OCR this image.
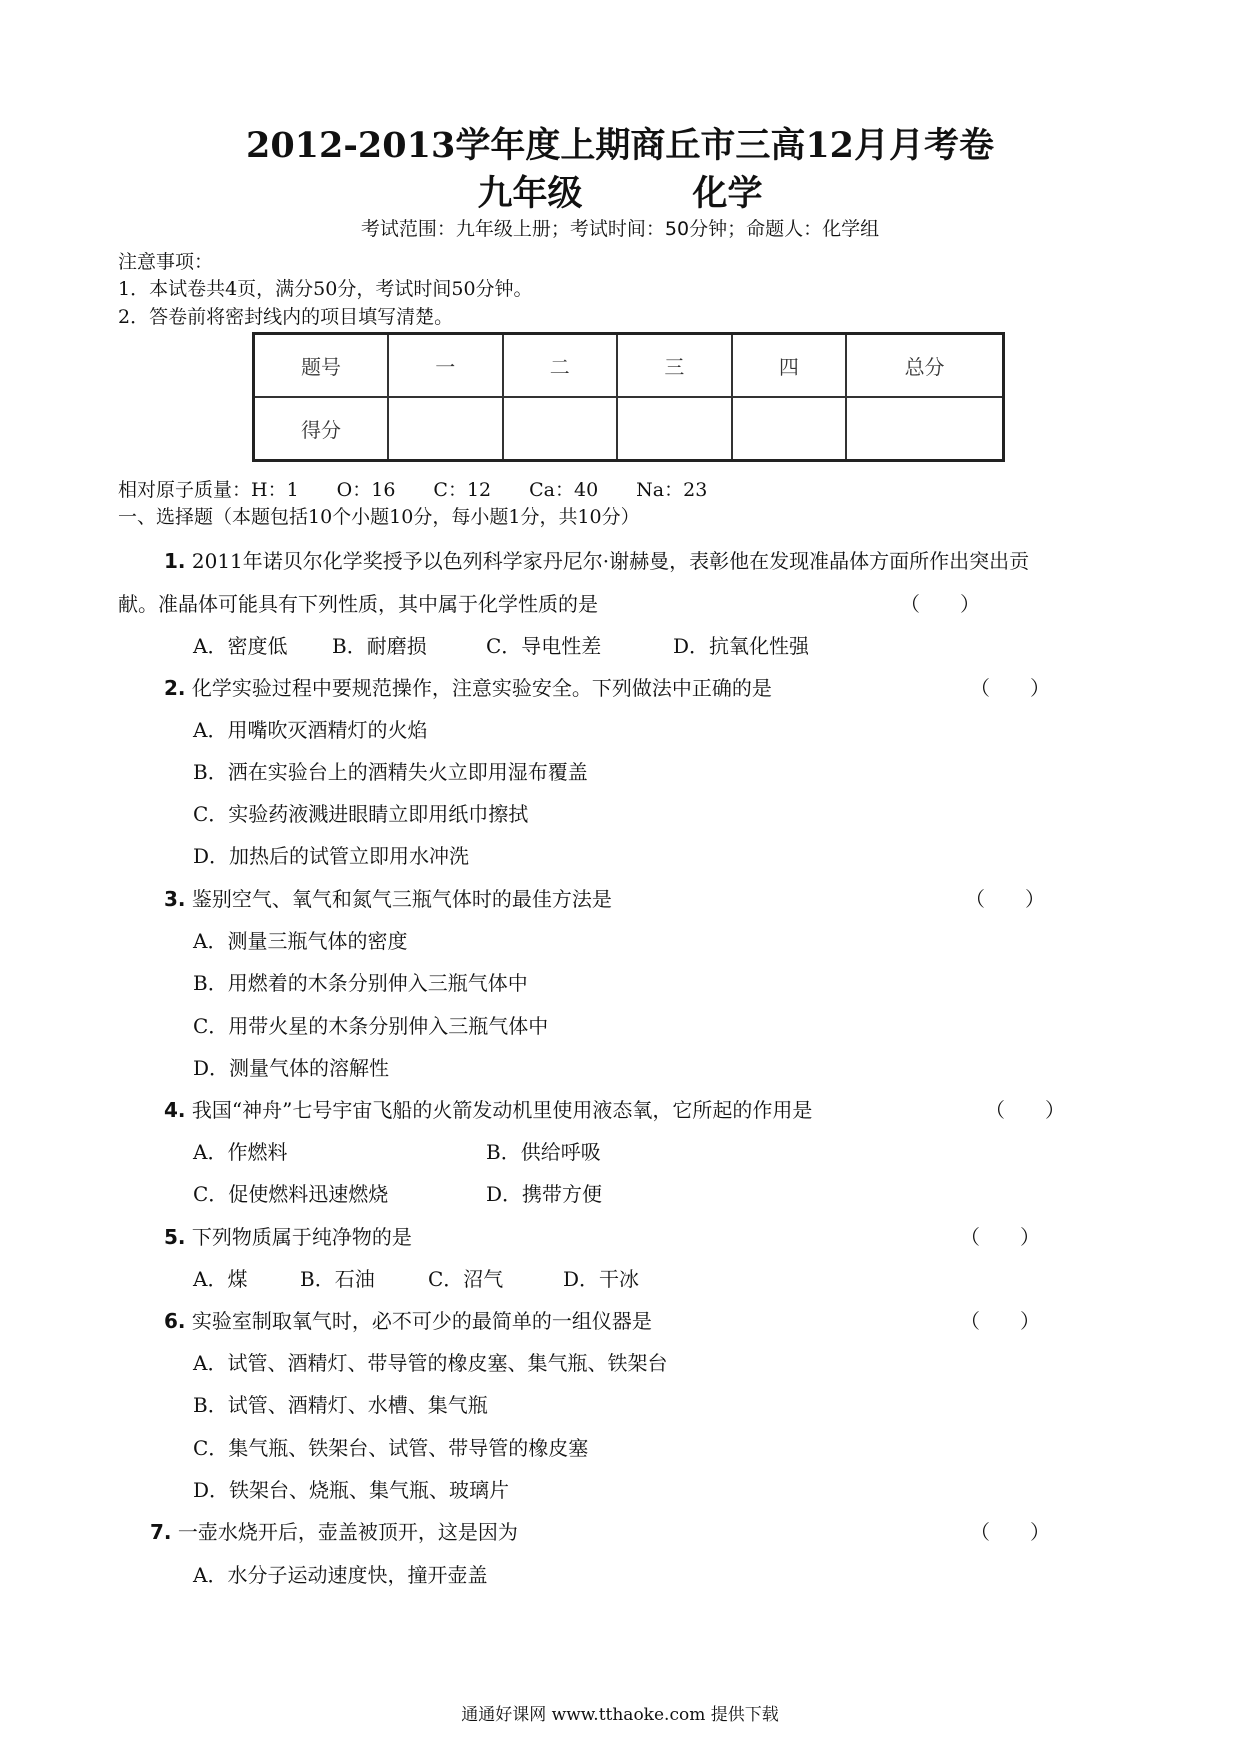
2012-2013学年度上期商丘市三高12月月考卷
九年级	化学
考试范围：九年级上册；考试时间：50分钟；命题人：化学组
注意事项：
1．本试卷共4页，满分50分，考试时间50分钟。
2．答卷前将密封线内的项目填写清楚。
题号	一	二	三	四	总分
得分					
相对原子质量：H：1　　O：16　　C：12　　Ca：40　　Na：23
一、选择题（本题包括10个小题10分，每小题1分，共10分）
1. 2011年诺贝尔化学奖授予以色列科学家丹尼尔·谢赫曼，表彰他在发现准晶体方面所作出突出贡
献。准晶体可能具有下列性质，其中属于化学性质的是	（　　）
A．密度低 B．耐磨损	C．导电性差	D．抗氧化性强
2. 化学实验过程中要规范操作，注意实验安全。下列做法中正确的是	（　　）
A．用嘴吹灭酒精灯的火焰
B．洒在实验台上的酒精失火立即用湿布覆盖
C．实验药液溅进眼睛立即用纸巾擦拭
D．加热后的试管立即用水冲洗
3. 鉴别空气、氧气和氮气三瓶气体时的最佳方法是	（　　）
A．测量三瓶气体的密度
B．用燃着的木条分别伸入三瓶气体中
C．用带火星的木条分别伸入三瓶气体中
D．测量气体的溶解性
4. 我国“神舟”七号宇宙飞船的火箭发动机里使用液态氧，它所起的作用是	（　　）
A．作燃料	B．供给呼吸
C．促使燃料迅速燃烧	D．携带方便
5. 下列物质属于纯净物的是	（　　）
A．煤	B．石油	C．沼气	D．干冰
6. 实验室制取氧气时，必不可少的最简单的一组仪器是	（　　）
A．试管、酒精灯、带导管的橡皮塞、集气瓶、铁架台
B．试管、酒精灯、水槽、集气瓶
C．集气瓶、铁架台、试管、带导管的橡皮塞
D．铁架台、烧瓶、集气瓶、玻璃片
7. 一壶水烧开后，壶盖被顶开，这是因为	（　　）
A．水分子运动速度快，撞开壶盖
通通好课网 www.tthaoke.com 提供下载
